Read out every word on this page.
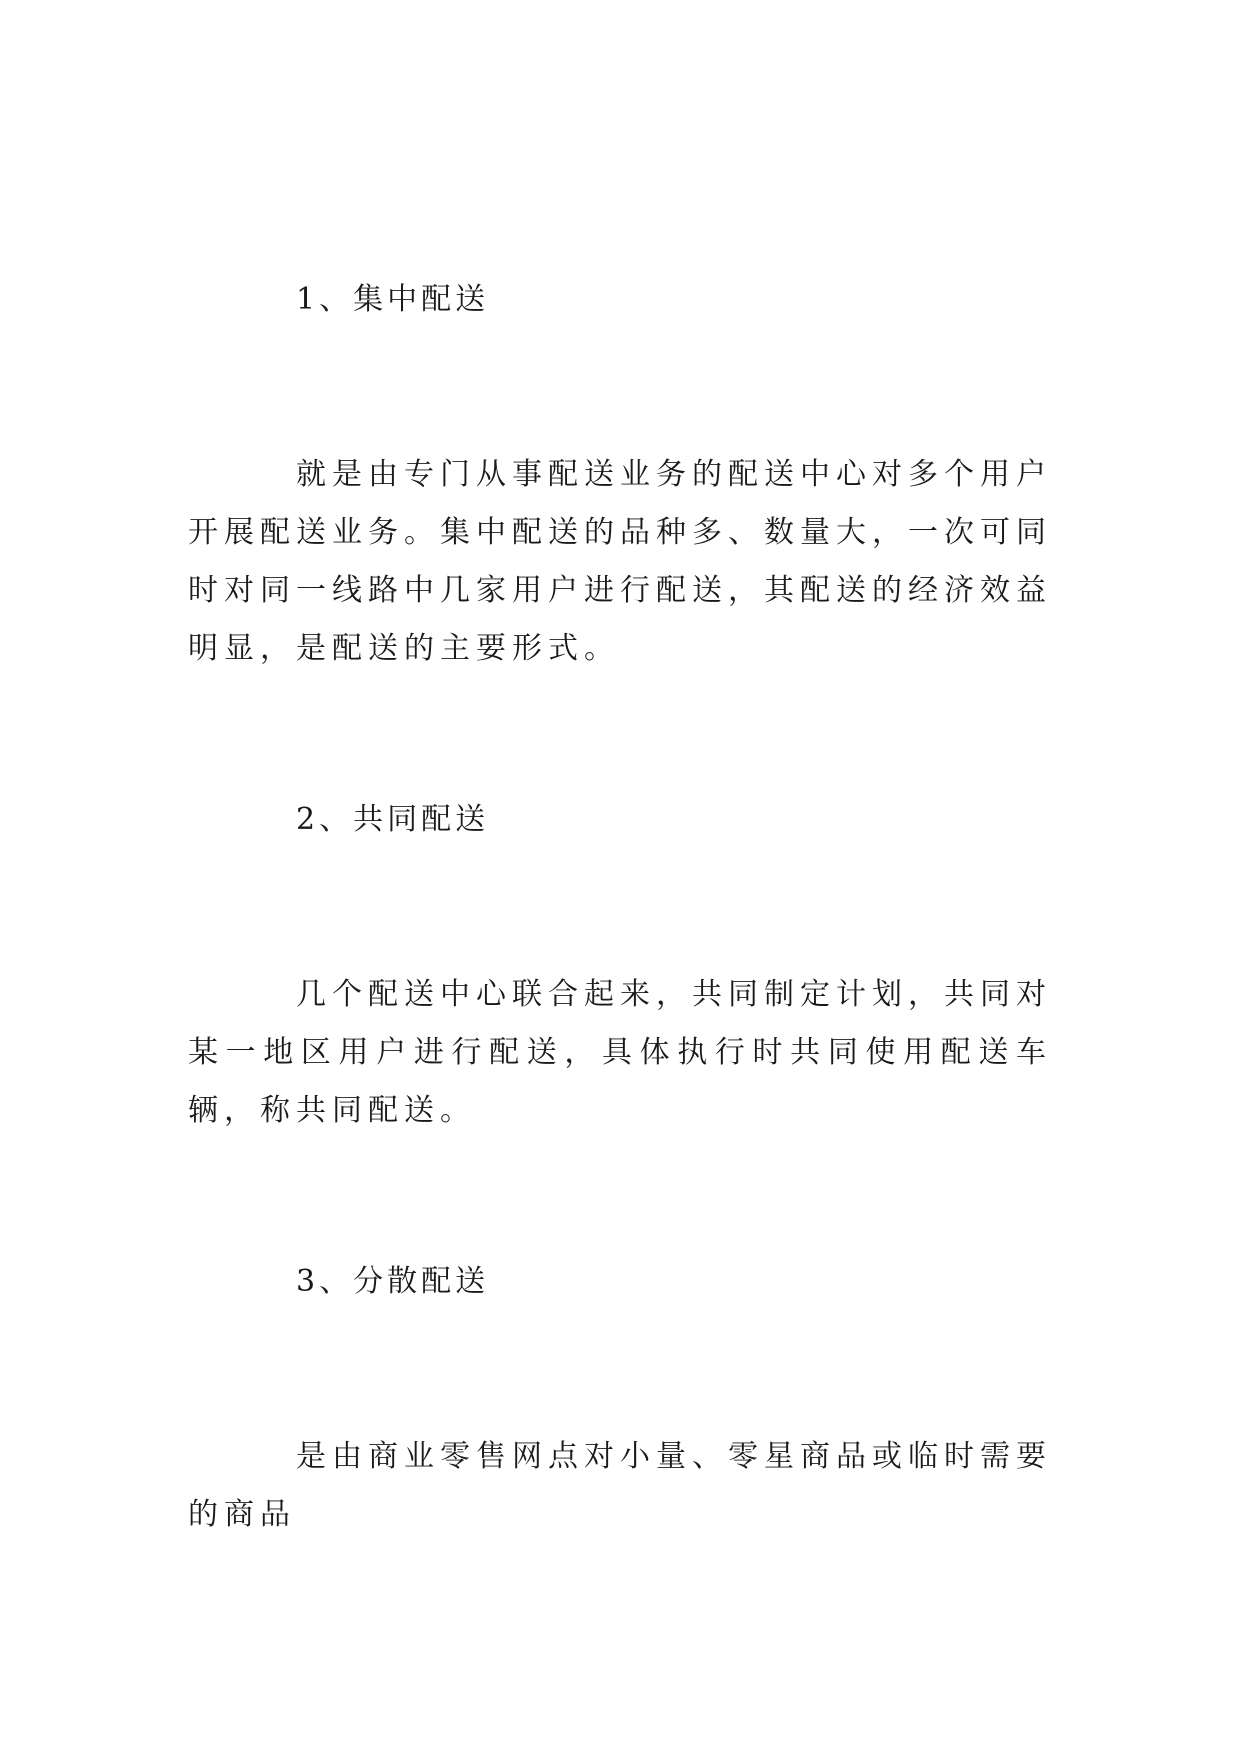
1、集中配送

就是由专门从事配送业务的配送中心对多个用户开展配送业务。集中配送的品种多、数量大，一次可同时对同一线路中几家用户进行配送，其配送的经济效益明显，是配送的主要形式。

2、共同配送

几个配送中心联合起来，共同制定计划，共同对某一地区用户进行配送，具体执行时共同使用配送车辆，称共同配送。

3、分散配送

是由商业零售网点对小量、零星商品或临时需要的商品
